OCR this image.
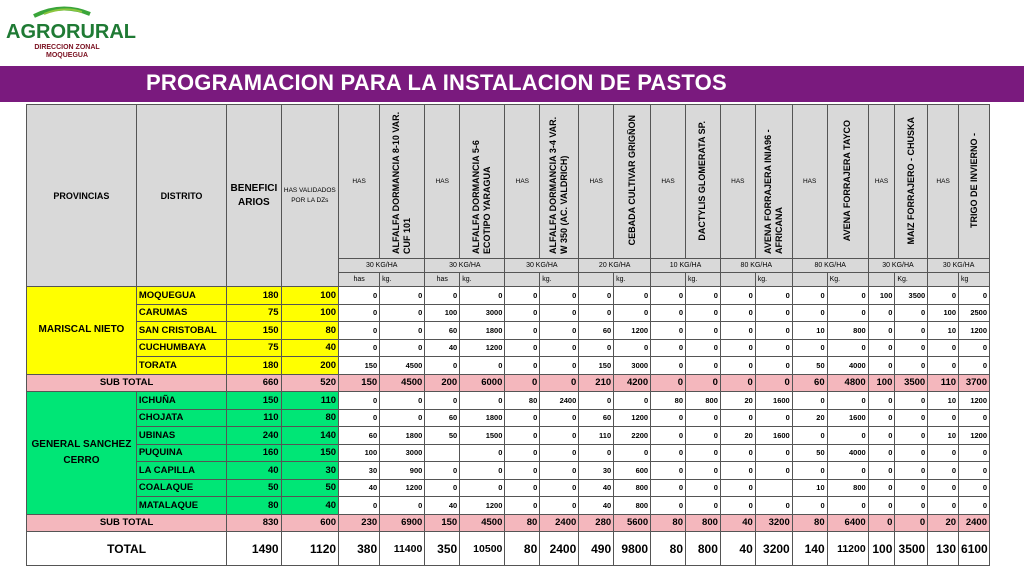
AGRORURAL
DIRECCION ZONAL
MOQUEGUA
PROGRAMACION PARA LA INSTALACION DE PASTOS
PROVINCIAS	DISTRITO	BENEFICI ARIOS	HAS VALIDADOS POR LA DZs	HAS	ALFALFA DORMANCIA 8-10 VAR. CUF 101	HAS	ALFALFA DORMANCIA 5-6 ECOTIPO YARAGUA	HAS	ALFALFA DORMANCIA 3-4 VAR. W 350 (AC. VALDRICH)	HAS	CEBADA CULTIVAR GRIGÑON	HAS	DACTYLIS GLOMERATA SP.	HAS	AVENA FORRAJERA INIA96 - AFRICANA	HAS	AVENA FORRAJERA TAYCO	HAS	MAIZ FORRAJERO - CHUSKA	HAS	TRIGO DE INVIERNO -
				30 KG/HA		30 KG/HA		30 KG/HA		20 KG/HA		10 KG/HA		80 KG/HA		80 KG/HA		30 KG/HA		30 KG/HA	
				has	kg.	has	kg.		kg.		kg.		kg.		kg.		Kg.		Kg.		kg
MARISCAL NIETO	MOQUEGUA	180	100	0	0	0	0	0	0	0	0	0	0	0	0	0	0	100	3500	0	0
	CARUMAS	75	100	0	0	100	3000	0	0	0	0	0	0	0	0	0	0	0	0	100	2500
	SAN CRISTOBAL	150	80	0	0	60	1800	0	0	60	1200	0	0	0	0	10	800	0	0	10	1200
	CUCHUMBAYA	75	40	0	0	40	1200	0	0	0	0	0	0	0	0	0	0	0	0	0	0
	TORATA	180	200	150	4500	0	0	0	0	150	3000	0	0	0	0	50	4000	0	0	0	0
SUB TOTAL		660	520	150	4500	200	6000	0	0	210	4200	0	0	0	0	60	4800	100	3500	110	3700
GENERAL SANCHEZ CERRO	ICHUÑA	150	110	0	0	0	0	80	2400	0	0	80	800	20	1600	0	0	0	0	10	1200
	CHOJATA	110	80	0	0	60	1800	0	0	60	1200	0	0	0	0	20	1600	0	0	0	0
	UBINAS	240	140	60	1800	50	1500	0	0	110	2200	0	0	20	1600	0	0	0	0	10	1200
	PUQUINA	160	150	100	3000		0	0	0	0	0	0	0	0	0	50	4000	0	0	0	0
	LA CAPILLA	40	30	30	900	0	0	0	0	30	600	0	0	0	0	0	0	0	0	0	0
	COALAQUE	50	50	40	1200	0	0	0	0	40	800	0	0	0		10	800	0	0	0	0
	MATALAQUE	80	40	0	0	40	1200	0	0	40	800	0	0	0	0	0	0	0	0	0	0
SUB TOTAL		830	600	230	6900	150	4500	80	2400	280	5600	80	800	40	3200	80	6400	0	0	20	2400
TOTAL		1490	1120	380	11400	350	10500	80	2400	490	9800	80	800	40	3200	140	11200	100	3500	130	6100
